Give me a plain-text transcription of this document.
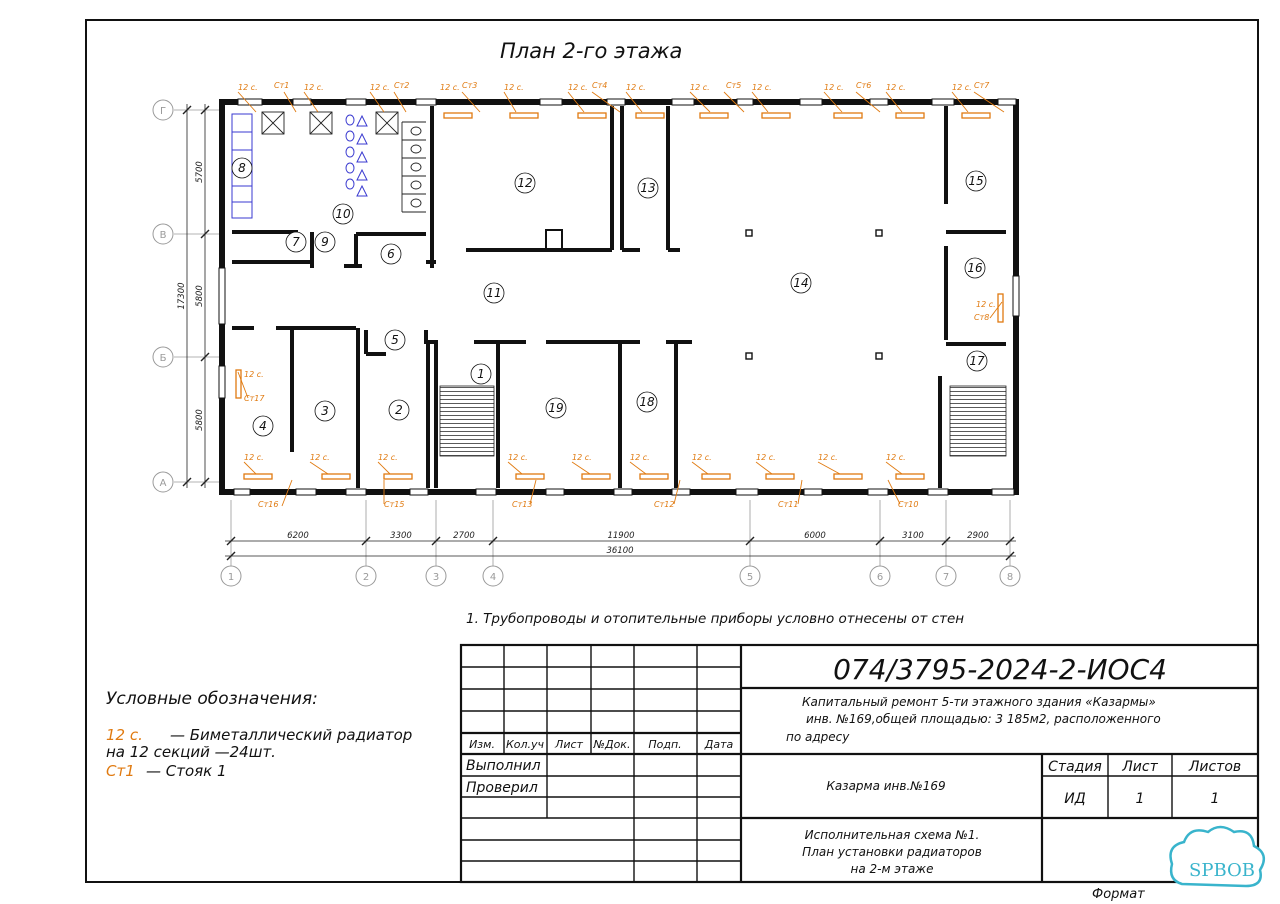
План 2-го этажа
Г
В
Б
А
1	2	3	4	5	6	7	8
6200	3300	2700	11900	6000	3100	2900
36100
5700
5800
5800
17300
12 с.	12 с.	12 с.	12 с.	12 с.	12 с.	12 с.	12 с.	12 с.	12 с.	12 с.	12 с.
12 с.	12 с.	12 с.	12 с.	12 с.	12 с.	12 с.	12 с.	12 с.	12 с.
12 с.
12 с.
Ст1	Ст2	Ст3	Ст4	Ст5	Ст6	Ст7
Ст8
Ст10
Ст11
Ст12
Ст13
Ст15
Ст16
Ст17
1
2
3
4
5
6
7
8
9
10
11
12	13
14
15
16
17
18
19
1. Трубопроводы и отопительные приборы условно отнесены от стен
Условные обозначения:
12 с. — Биметаллический радиатор
на 12 секций —24шт.
Ст1 — Стояк 1
Изм. Кол.уч Лист №Док. Подп. Дата
Выполнил
Проверил
074/3795-2024-2-ИОС4
Капитальный ремонт 5-ти этажного здания «Казармы»
инв. №169,общей площадью: 3 185м2, расположенного
по адресу
Казарма инв.№169
Исполнительная схема №1.
План установки радиаторов
на 2-м этаже
Стадия Лист Листов
ИД	1	1
Формат
SPBOB
